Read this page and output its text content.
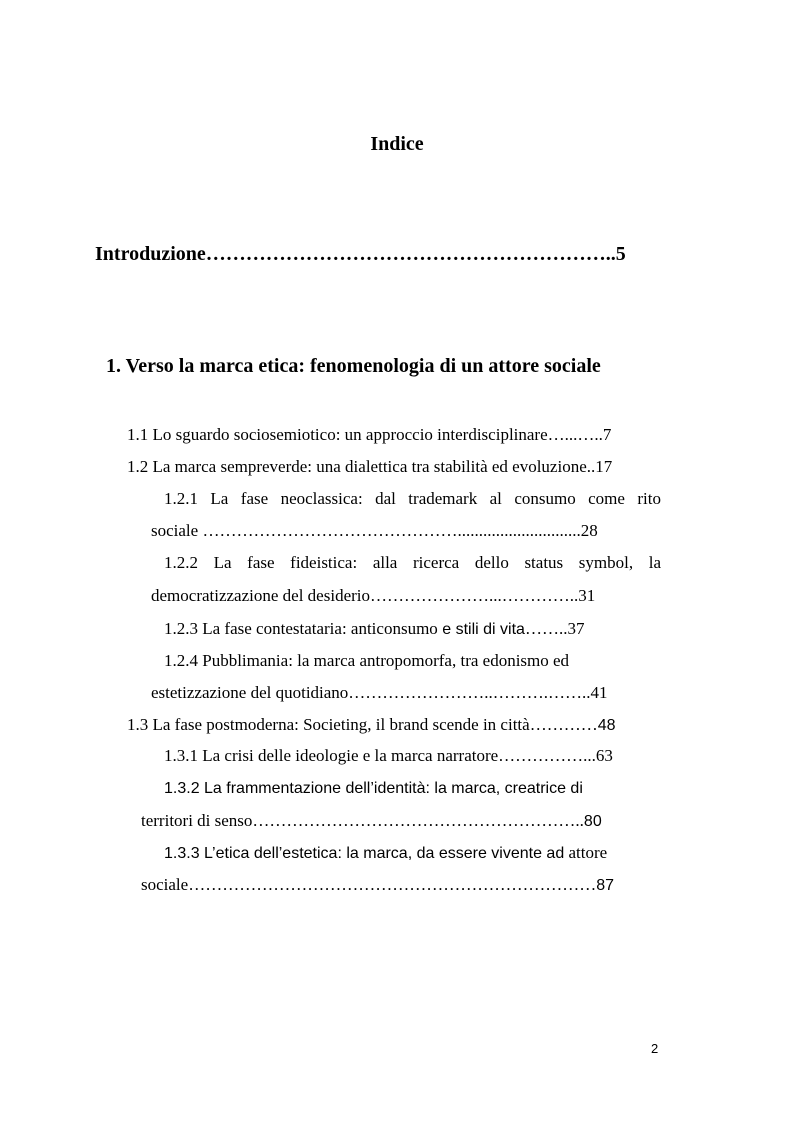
Indice
Introduzione……………………………………………………..5
1. Verso la marca etica: fenomenologia di un attore sociale
1.1 Lo sguardo sociosemiotico: un approccio interdisciplinare…...…..7
1.2 La marca sempreverde: una dialettica tra stabilità ed evoluzione..17
1.2.1 La fase neoclassica: dal trademark al consumo come rito
sociale ……………………………………….............................28
1.2.2 La fase fideistica: alla ricerca dello status symbol, la
democratizzazione del desiderio…………………...…………..31
1.2.3 La fase contestataria: anticonsumo e stili di vita……..37
1.2.4 Pubblimania: la marca antropomorfa, tra edonismo ed
estetizzazione del quotidiano……………………..……….……..41
1.3 La fase postmoderna: Societing, il brand scende in città…………48
1.3.1 La crisi delle ideologie e la marca narratore……………...63
1.3.2 La frammentazione dell’identità: la marca, creatrice di
territori di senso…………………………………………………..80
1.3.3 L’etica dell’estetica: la marca, da essere vivente ad attore
sociale………………………………………………………………87
2
